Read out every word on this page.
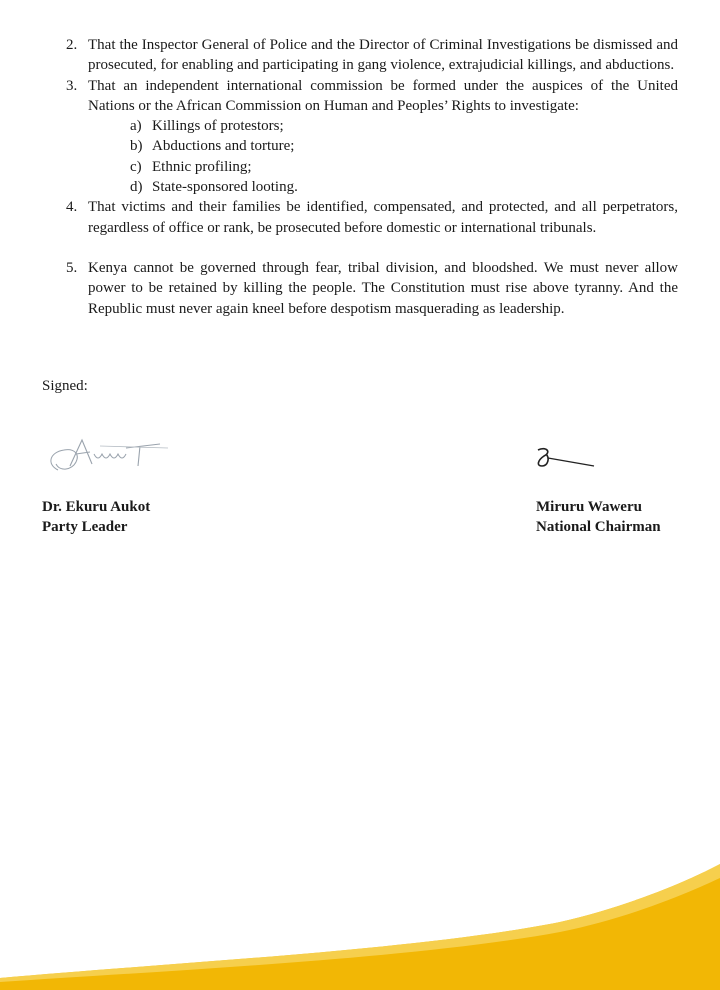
2. That the Inspector General of Police and the Director of Criminal Investigations be dismissed and prosecuted, for enabling and participating in gang violence, extrajudicial killings, and abductions.
3. That an independent international commission be formed under the auspices of the United Nations or the African Commission on Human and Peoples’ Rights to investigate:
a) Killings of protestors;
b) Abductions and torture;
c) Ethnic profiling;
d) State-sponsored looting.
4. That victims and their families be identified, compensated, and protected, and all perpetrators, regardless of office or rank, be prosecuted before domestic or international tribunals.
5. Kenya cannot be governed through fear, tribal division, and bloodshed. We must never allow power to be retained by killing the people. The Constitution must rise above tyranny. And the Republic must never again kneel before despotism masquerading as leadership.
Signed:
Dr. Ekuru Aukot
Party Leader
Miruru Waweru
National Chairman
